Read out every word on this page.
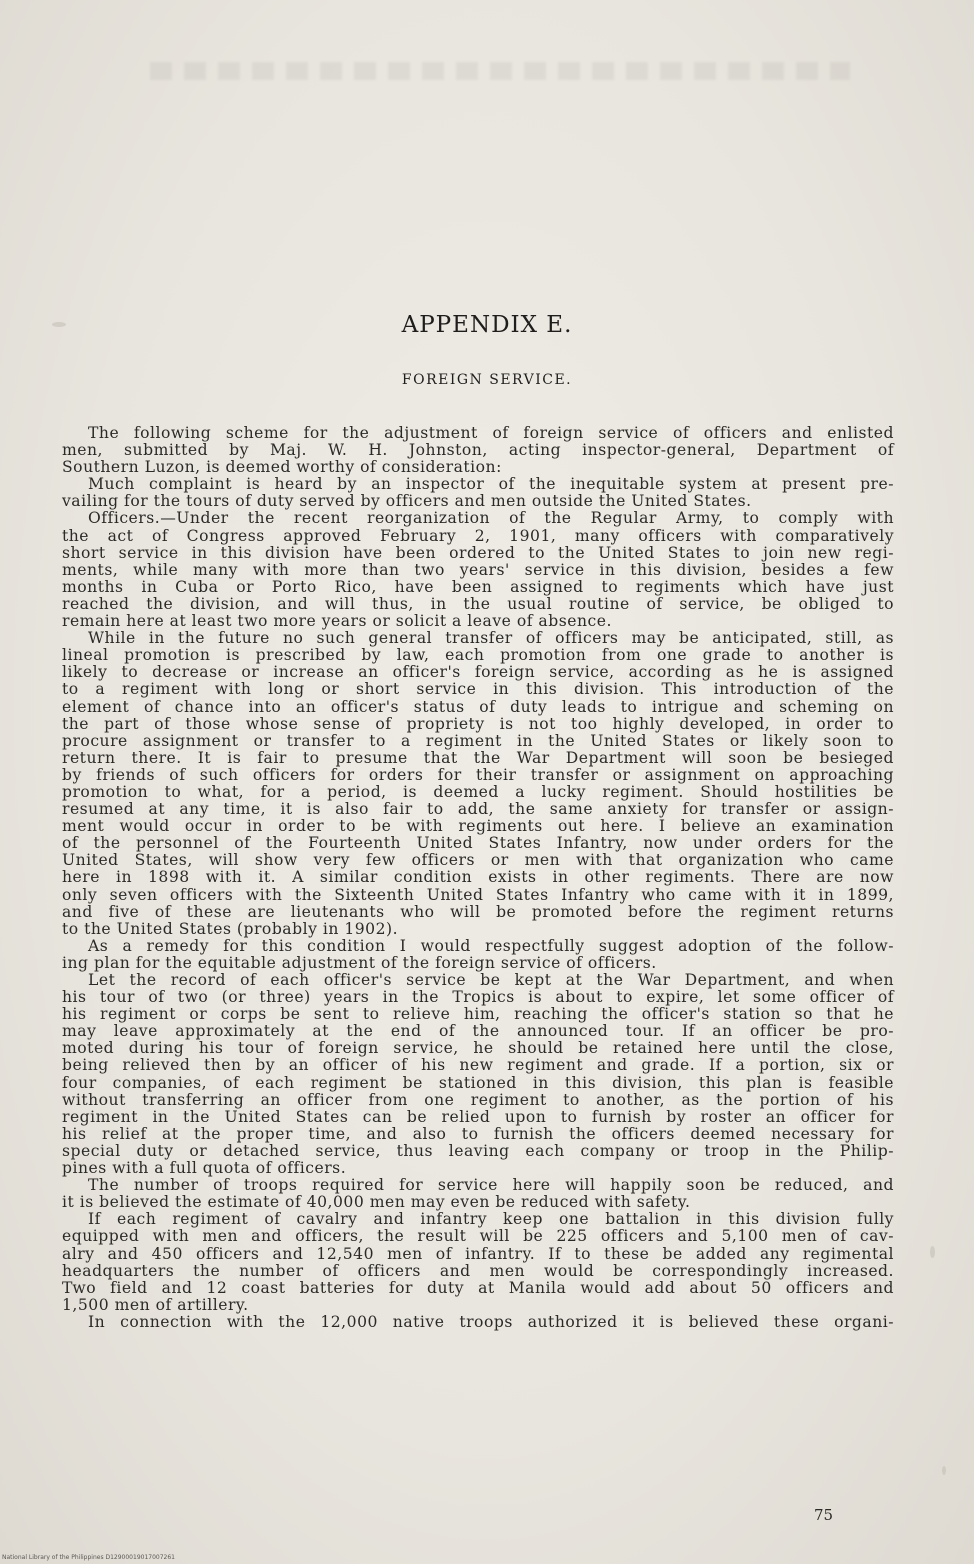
APPENDIX E.
FOREIGN SERVICE.
The following scheme for the adjustment of foreign service of officers and enlisted
men, submitted by Maj. W. H. Johnston, acting inspector-general, Department of
Southern Luzon, is deemed worthy of consideration:
Much complaint is heard by an inspector of the inequitable system at present pre-
vailing for the tours of duty served by officers and men outside the United States.
Officers.—Under the recent reorganization of the Regular Army, to comply with
the act of Congress approved February 2, 1901, many officers with comparatively
short service in this division have been ordered to the United States to join new regi-
ments, while many with more than two years' service in this division, besides a few
months in Cuba or Porto Rico, have been assigned to regiments which have just
reached the division, and will thus, in the usual routine of service, be obliged to
remain here at least two more years or solicit a leave of absence.
While in the future no such general transfer of officers may be anticipated, still, as
lineal promotion is prescribed by law, each promotion from one grade to another is
likely to decrease or increase an officer's foreign service, according as he is assigned
to a regiment with long or short service in this division. This introduction of the
element of chance into an officer's status of duty leads to intrigue and scheming on
the part of those whose sense of propriety is not too highly developed, in order to
procure assignment or transfer to a regiment in the United States or likely soon to
return there. It is fair to presume that the War Department will soon be besieged
by friends of such officers for orders for their transfer or assignment on approaching
promotion to what, for a period, is deemed a lucky regiment. Should hostilities be
resumed at any time, it is also fair to add, the same anxiety for transfer or assign-
ment would occur in order to be with regiments out here. I believe an examination
of the personnel of the Fourteenth United States Infantry, now under orders for the
United States, will show very few officers or men with that organization who came
here in 1898 with it. A similar condition exists in other regiments. There are now
only seven officers with the Sixteenth United States Infantry who came with it in 1899,
and five of these are lieutenants who will be promoted before the regiment returns
to the United States (probably in 1902).
As a remedy for this condition I would respectfully suggest adoption of the follow-
ing plan for the equitable adjustment of the foreign service of officers.
Let the record of each officer's service be kept at the War Department, and when
his tour of two (or three) years in the Tropics is about to expire, let some officer of
his regiment or corps be sent to relieve him, reaching the officer's station so that he
may leave approximately at the end of the announced tour. If an officer be pro-
moted during his tour of foreign service, he should be retained here until the close,
being relieved then by an officer of his new regiment and grade. If a portion, six or
four companies, of each regiment be stationed in this division, this plan is feasible
without transferring an officer from one regiment to another, as the portion of his
regiment in the United States can be relied upon to furnish by roster an officer for
his relief at the proper time, and also to furnish the officers deemed necessary for
special duty or detached service, thus leaving each company or troop in the Philip-
pines with a full quota of officers.
The number of troops required for service here will happily soon be reduced, and
it is believed the estimate of 40,000 men may even be reduced with safety.
If each regiment of cavalry and infantry keep one battalion in this division fully
equipped with men and officers, the result will be 225 officers and 5,100 men of cav-
alry and 450 officers and 12,540 men of infantry. If to these be added any regimental
headquarters the number of officers and men would be correspondingly increased.
Two field and 12 coast batteries for duty at Manila would add about 50 officers and
1,500 men of artillery.
In connection with the 12,000 native troops authorized it is believed these organi-
75
National Library of the Philippines D12900019017007261
